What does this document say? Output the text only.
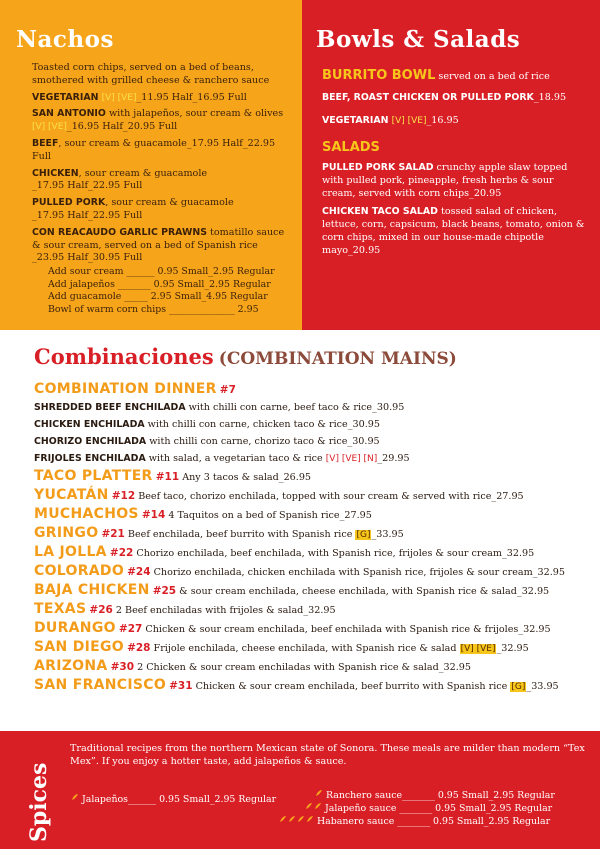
Nachos

Toasted corn chips, served on a bed of beans, smothered with grilled cheese & ranchero sauce

VEGETARIAN [V] [VE]_11.95 Half_16.95 Full

SAN ANTONIO with jalapeños, sour cream & olives
[V] [VE]_16.95 Half_20.95 Full

BEEF, sour cream & guacamole_17.95 Half_22.95 Full

CHICKEN, sour cream & guacamole
_17.95 Half_22.95 Full

PULLED PORK, sour cream & guacamole
_17.95 Half_22.95 Full

CON REACAUDO GARLIC PRAWNS tomatillo sauce & sour cream, served on a bed of Spanish rice
_23.95 Half_30.95 Full

Add sour cream ______ 0.95 Small_2.95 Regular
Add jalapeños _______ 0.95 Small_2.95 Regular
Add guacamole _____ 2.95 Small_4.95 Regular
Bowl of warm corn chips ______________ 2.95
Bowls & Salads
BURRITO BOWL served on a bed of rice
BEEF, ROAST CHICKEN OR PULLED PORK_18.95
VEGETARIAN [V] [VE]_16.95
SALADS

PULLED PORK SALAD crunchy apple slaw topped with pulled pork, pineapple, fresh herbs & sour cream, served with corn chips_20.95

CHICKEN TACO SALAD tossed salad of chicken, lettuce, corn, capsicum, black beans, tomato, onion & corn chips, mixed in our house-made chipotle mayo_20.95

Combinaciones (COMBINATION MAINS)
COMBINATION DINNER #7
SHREDDED BEEF ENCHILADA with chilli con carne, beef taco & rice_30.95
CHICKEN ENCHILADA with chilli con carne, chicken taco & rice_30.95
CHORIZO ENCHILADA with chilli con carne, chorizo taco & rice_30.95
FRIJOLES ENCHILADA with salad, a vegetarian taco & rice [V] [VE] [N]_29.95
TACO PLATTER #11 Any 3 tacos & salad_26.95
YUCATÁN #12 Beef taco, chorizo enchilada, topped with sour cream & served with rice_27.95
MUCHACHOS #14 4 Taquitos on a bed of Spanish rice_27.95
GRINGO #21 Beef enchilada, beef burrito with Spanish rice [G]_33.95
LA JOLLA #22 Chorizo enchilada, beef enchilada, with Spanish rice, frijoles & sour cream_32.95
COLORADO #24 Chorizo enchilada, chicken enchilada with Spanish rice, frijoles & sour cream_32.95
BAJA CHICKEN #25 & sour cream enchilada, cheese enchilada, with Spanish rice & salad_32.95
TEXAS #26 2 Beef enchiladas with frijoles & salad_32.95
DURANGO #27 Chicken & sour cream enchilada, beef enchilada with Spanish rice & frijoles_32.95
SAN DIEGO #28 Frijole enchilada, cheese enchilada, with Spanish rice & salad [V] [VE]_32.95
ARIZONA #30 2 Chicken & sour cream enchiladas with Spanish rice & salad_32.95
SAN FRANCISCO #31 Chicken & sour cream enchilada, beef burrito with Spanish rice [G]_33.95
Spices
Traditional recipes from the northern Mexican state of Sonora. These meals are milder than modern “Tex Mex”. If you enjoy a hotter taste, add jalapeños & sauce.
Jalapeños______ 0.95 Small_2.95 Regular	Ranchero sauce_______ 0.95 Small_2.95 Regular
Jalapeño sauce _______ 0.95 Small_2.95 Regular
Habanero sauce _______ 0.95 Small_2.95 Regular
